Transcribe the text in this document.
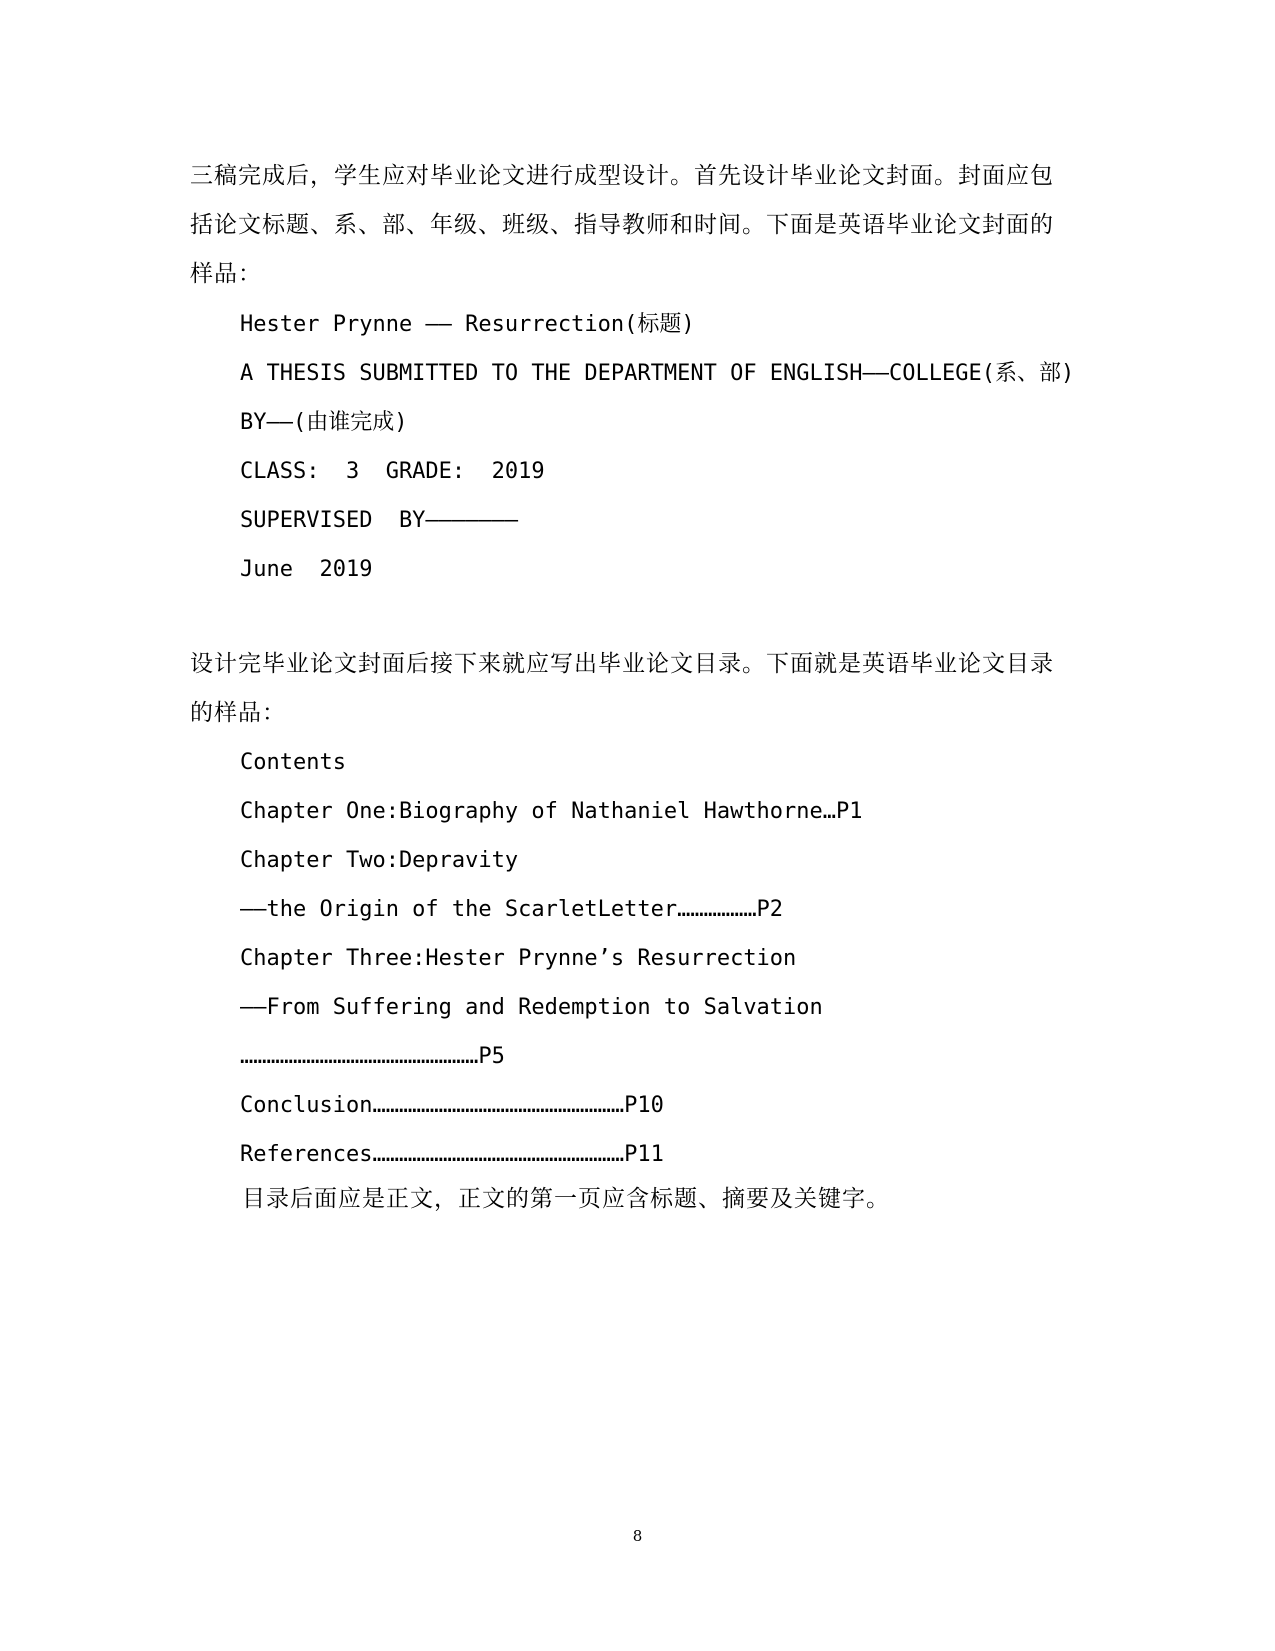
三稿完成后，学生应对毕业论文进行成型设计。首先设计毕业论文封面。封面应包括论文标题、系、部、年级、班级、指导教师和时间。下面是英语毕业论文封面的样品：

Hester Prynne —— Resurrection(标题)
A THESIS SUBMITTED TO THE DEPARTMENT OF ENGLISH——COLLEGE(系、部)
BY——(由谁完成)
CLASS:  3  GRADE:  2019
SUPERVISED  BY———————
June  2019

设计完毕业论文封面后接下来就应写出毕业论文目录。下面就是英语毕业论文目录的样品：

Contents
Chapter One:Biography of Nathaniel Hawthorne…P1
Chapter Two:Depravity
——the Origin of the ScarletLetter………………P2
Chapter Three:Hester Prynne’s Resurrection
——From Suffering and Redemption to Salvation
………………………………………………P5
Conclusion…………………………………………………P10
References…………………………………………………P11
目录后面应是正文，正文的第一页应含标题、摘要及关键字。
8
